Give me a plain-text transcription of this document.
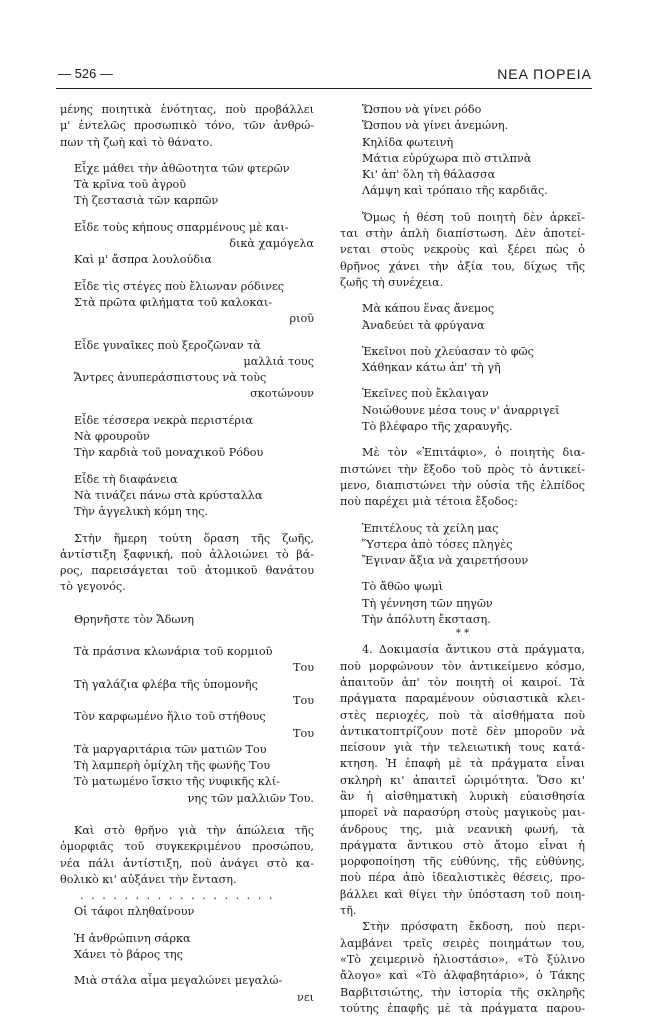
— 526 —	ΝΕΑ ΠΟΡΕΙΑ
μένης ποιητικὰ ἑνότητας, ποὺ προβάλλει
μ' ἐντελῶς προσωπικὸ τόνο, τῶν ἀνθρώ-
πων τὴ ζωὴ καὶ τὸ θάνατο.
Εἶχε μάθει τὴν ἀθῶοτητα τῶν φτερῶν
Τὰ κρῖνα τοῦ ἀγροῦ
Τὴ ζεστασιὰ τῶν καρπῶν
Εἶδε τοὺς κήπους σπαρμένους μὲ και-
δικὰ χαμόγελα
Καὶ μ' ἄσπρα λουλούδια
Εἶδε τὶς στέγες ποὺ ἔλιωναν ρόδινες
Στὰ πρῶτα φιλήματα τοῦ καλοκαι-
ριοῦ
Εἶδε γυναῖκες ποὺ ξεροζῶναν τὰ
μαλλιά τους
Ἄντρες ἀνυπεράσπιστους νὰ τοὺς
σκοτώνουν
Εἶδε τέσσερα νεκρὰ περιστέρια
Νὰ φρουροῦν
Τὴν καρδιὰ τοῦ μοναχικοῦ Ρόδου
Εἶδε τὴ διαφάνεια
Νὰ τινάζει πάνω στὰ κρύσταλλα
Τὴν ἀγγελικὴ κόμη της.
Στὴν ἥμερη τούτη ὅραση τῆς ζωῆς,
ἀντίστιξη ξαφνική, ποὺ ἀλλοιώνει τὸ βά-
ρος, παρεισάγεται τοῦ ἀτομικοῦ θανάτου
τὸ γεγονός.
Θρηνῆστε τὸν Ἄδωνη
Τὰ πράσινα κλωνάρια τοῦ κορμιοῦ
Του
Τὴ γαλάζια φλέβα τῆς ὑπομονῆς
Του
Τὸν καρφωμένο ἥλιο τοῦ στήθους
Του
Τὰ μαργαριτάρια τῶν ματιῶν Του
Τὴ λαμπερὴ ὁμίχλη τῆς φωνῆς Του
Τὸ ματωμένο ἴσκιο τῆς νυφικῆς κλί-
νης τῶν μαλλιῶν Του.
Καὶ στὸ θρῆνο γιὰ τὴν ἀπώλεια τῆς
ὁμορφιᾶς τοῦ συγκεκριμένου προσώπου,
νέα πάλι ἀντίστιξη, ποὺ ἀνάγει στὸ κα-
θολικὸ κι' αὐξάνει τὴν ἔνταση.
. . . . . . . . . . . . . . . . . .
Οἱ τάφοι πληθαίνουν
Ἡ ἀνθρώπινη σάρκα
Χάνει τὸ βάρος της
Μιὰ στάλα αἷμα μεγαλώνει μεγαλώ-
νει
Ὥσπου νὰ γίνει ρόδο
Ὥσπου νὰ γίνει ἀνεμώνη.
Κηλίδα φωτεινὴ
Μάτια εὐρύχωρα πιὸ στιλπνὰ
Κι' ἀπ' ὅλη τὴ θάλασσα
Λάμψη καὶ τρόπαιο τῆς καρδιᾶς.
Ὅμως ἡ θέση τοῦ ποιητὴ δὲν ἀρκεῖ-
ται στὴν ἁπλὴ διαπίστωση. Δὲν ἀποτεί-
νεται στοὺς νεκροὺς καὶ ξέρει πὼς ὁ
θρῆνος χάνει τὴν ἀξία του, δίχως τῆς
ζωῆς τὴ συνέχεια.
Μὰ κάπου ἕνας ἄνεμος
Ἀναδεύει τὰ φρύγανα
Ἐκεῖνοι ποὺ χλεύασαν τὸ φῶς
Χάθηκαν κάτω ἀπ' τὴ γῆ
Ἐκεῖνες ποὺ ἔκλαιγαν
Νοιώθουνε μέσα τους ν' ἀναρριγεῖ
Τὸ βλέφαρο τῆς χαραυγῆς.
Μὲ τὸν «Ἐπιτάφιο», ὁ ποιητὴς δια-
πιστώνει τὴν ἔξοδο τοῦ πρὸς τὸ ἀντικεί-
μενο, διαπιστώνει τὴν οὐσία τῆς ἐλπίδος
ποὺ παρέχει μιὰ τέτοια ἔξοδος:
Ἐπιτέλους τὰ χείλη μας
Ὕστερα ἀπὸ τόσες πληγὲς
Ἔγιναν ἄξια νὰ χαιρετήσουν
Τὸ ἄθῶο ψωμὶ
Τὴ γέννηση τῶν πηγῶν
Τὴν ἀπόλυτη ἔκσταση.
* *
4. Δοκιμασία ἄντικου στὰ πράγματα,
ποὺ μορφώνουν τὸν ἀντικείμενο κόσμο,
ἀπαιτοῦν ἀπ' τὸν ποιητὴ οἱ καιροί. Τὰ
πράγματα παραμένουν οὐσιαστικὰ κλει-
στὲς περιοχές, ποὺ τὰ αἰσθήματα ποὺ
ἀντικατοπτρίζουν ποτὲ δὲν μποροῦν νὰ
πείσουν γιὰ τὴν τελειωτικὴ τους κατά-
κτηση. Ἡ ἐπαφὴ μὲ τὰ πράγματα εἶναι
σκληρὴ κι' ἀπαιτεῖ ὡριμότητα. Ὅσο κι'
ἂν ἡ αἰσθηματικὴ λυρικὴ εὐαισθησία
μπορεῖ νὰ παρασύρη στοὺς μαγικοὺς μαι-
άνδρους της, μιὰ νεανικὴ φωνή, τὰ
πράγματα ἄντικου στὸ ἄτομο εἶναι ἡ
μορφοποίηση τῆς εὐθύνης, τῆς εὐθύνης,
ποὺ πέρα ἀπὸ ἰδεαλιστικὲς θέσεις, προ-
βάλλει καὶ θίγει τὴν ὑπόσταση τοῦ ποιη-
τῆ.
Στὴν πρόσφατη ἔκδοση, ποὺ περι-
λαμβάνει τρεῖς σειρὲς ποιημάτων του,
«Τὸ χειμερινὸ ἡλιοστάσιο», «Τὸ ξύλινο
ἄλογο» καὶ «Τὸ ἀλφαβητάριο», ὁ Τάκης
Βαρβιτσιώτης, τὴν ἱστορία τῆς σκληρῆς
τούτης ἐπαφῆς μὲ τὰ πράγματα παρου-
